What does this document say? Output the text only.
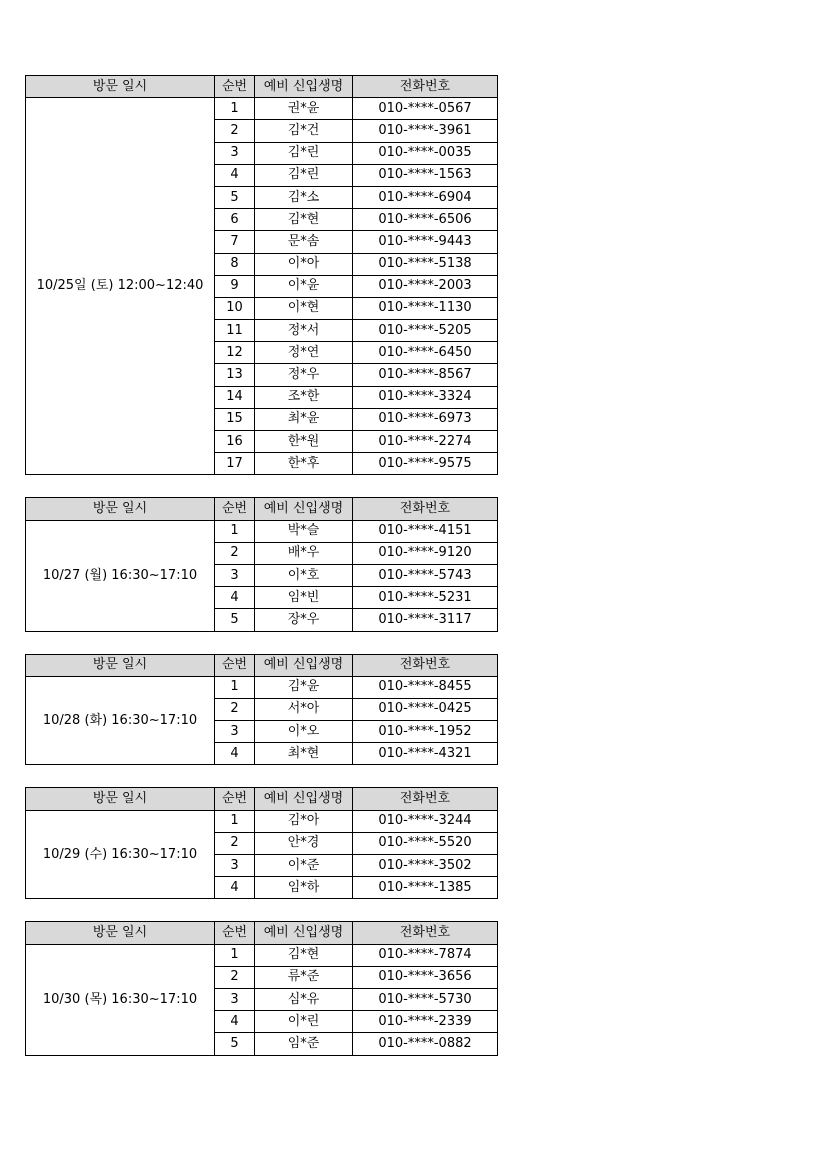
방문 일시	순번	예비 신입생명	전화번호
10/25일 (토) 12:00~12:40	1	권*윤	010-****-0567
	2	김*건	010-****-3961
	3	김*린	010-****-0035
	4	김*린	010-****-1563
	5	김*소	010-****-6904
	6	김*현	010-****-6506
	7	문*솜	010-****-9443
	8	이*아	010-****-5138
	9	이*윤	010-****-2003
	10	이*현	010-****-1130
	11	정*서	010-****-5205
	12	정*연	010-****-6450
	13	정*우	010-****-8567
	14	조*한	010-****-3324
	15	최*윤	010-****-6973
	16	한*원	010-****-2274
	17	한*후	010-****-9575
방문 일시	순번	예비 신입생명	전화번호
10/27 (월) 16:30~17:10	1	박*슬	010-****-4151
	2	배*우	010-****-9120
	3	이*호	010-****-5743
	4	임*빈	010-****-5231
	5	장*우	010-****-3117
방문 일시	순번	예비 신입생명	전화번호
10/28 (화) 16:30~17:10	1	김*윤	010-****-8455
	2	서*아	010-****-0425
	3	이*오	010-****-1952
	4	최*현	010-****-4321
방문 일시	순번	예비 신입생명	전화번호
10/29 (수) 16:30~17:10	1	김*아	010-****-3244
	2	안*경	010-****-5520
	3	이*준	010-****-3502
	4	임*하	010-****-1385
방문 일시	순번	예비 신입생명	전화번호
10/30 (목) 16:30~17:10	1	김*현	010-****-7874
	2	류*준	010-****-3656
	3	심*유	010-****-5730
	4	이*린	010-****-2339
	5	임*준	010-****-0882
